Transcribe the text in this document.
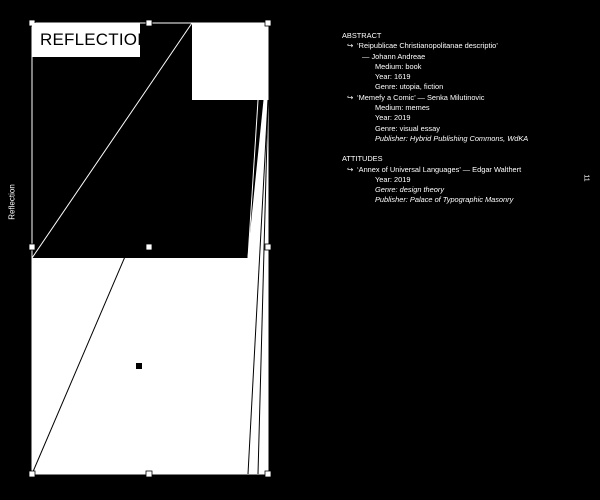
Reflection
11
REFLECTION	ABSTRACT
↪ ‘Reipublicae Christianopolitanae descriptio’
— Johann Andreae
Medium: book
Year: 1619
Genre: utopia, fiction
↪ ‘Memefy a Comic’ — Senka Milutinovic
Medium: memes
Year: 2019
Genre: visual essay
Publisher: Hybrid Publishing Commons, WdKA
ATTITUDES
↪ ‘Annex of Universal Languages’ — Edgar Walthert
Year: 2019
Genre: design theory
Publisher: Palace of Typographic Masonry
